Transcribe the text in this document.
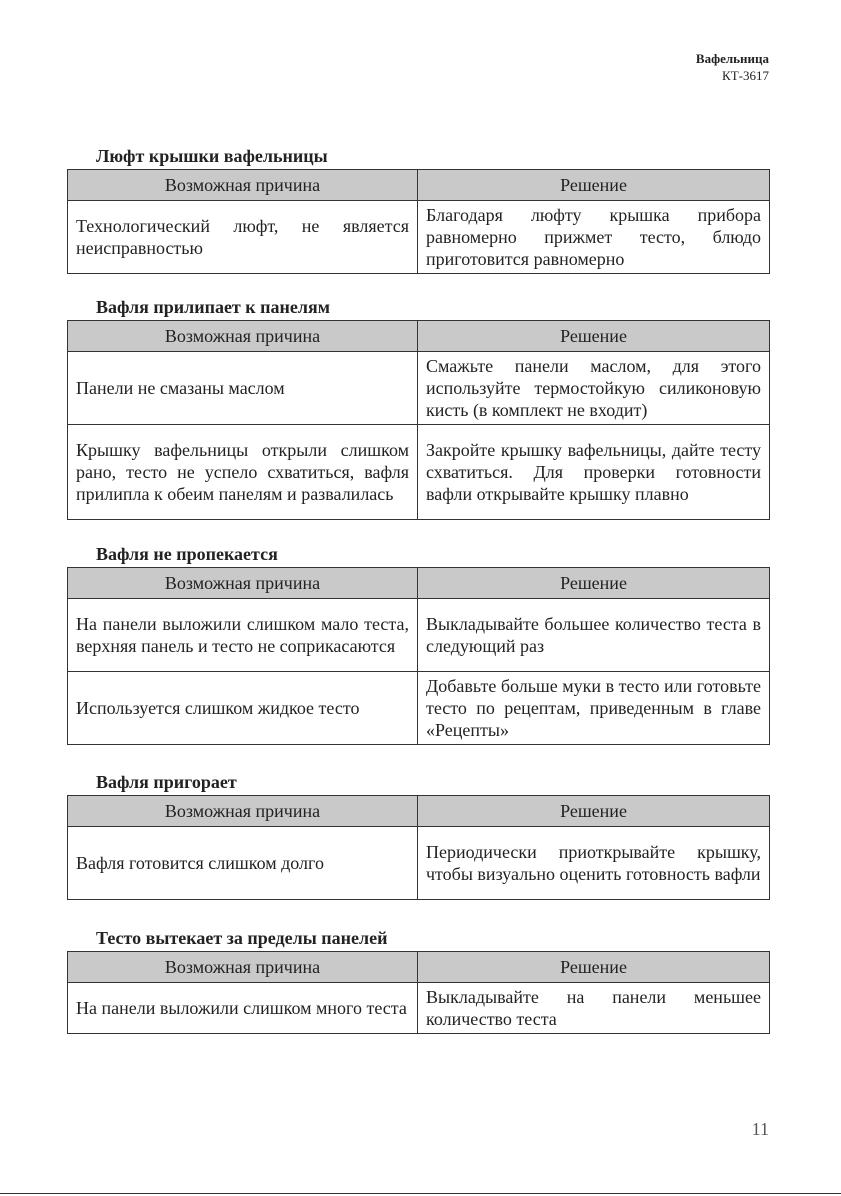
Вафельница
КТ-3617
Люфт крышки вафельницы
Возможная причина	Решение
Технологический люфт, не является неисправностью	Благодаря люфту крышка прибора равномерно прижмет тесто, блюдо приготовится равномерно
Вафля прилипает к панелям
Возможная причина	Решение
Панели не смазаны маслом	Смажьте панели маслом, для этого используйте термостойкую силиконовую кисть (в комплект не входит)
Крышку вафельницы открыли слишком рано, тесто не успело схватиться, вафля прилипла к обеим панелям и развалилась	Закройте крышку вафельницы, дайте тесту схватиться. Для проверки готовности вафли открывайте крышку плавно
Вафля не пропекается
Возможная причина	Решение
На панели выложили слишком мало теста, верхняя панель и тесто не соприкасаются	Выкладывайте большее количество теста в следующий раз
Используется слишком жидкое тесто	Добавьте больше муки в тесто или готовьте тесто по рецептам, приведенным в главе «Рецепты»
Вафля пригорает
Возможная причина	Решение
Вафля готовится слишком долго	Периодически приоткрывайте крышку, чтобы визуально оценить готовность вафли
Тесто вытекает за пределы панелей
Возможная причина	Решение
На панели выложили слишком много теста	Выкладывайте на панели меньшее количество теста
11
